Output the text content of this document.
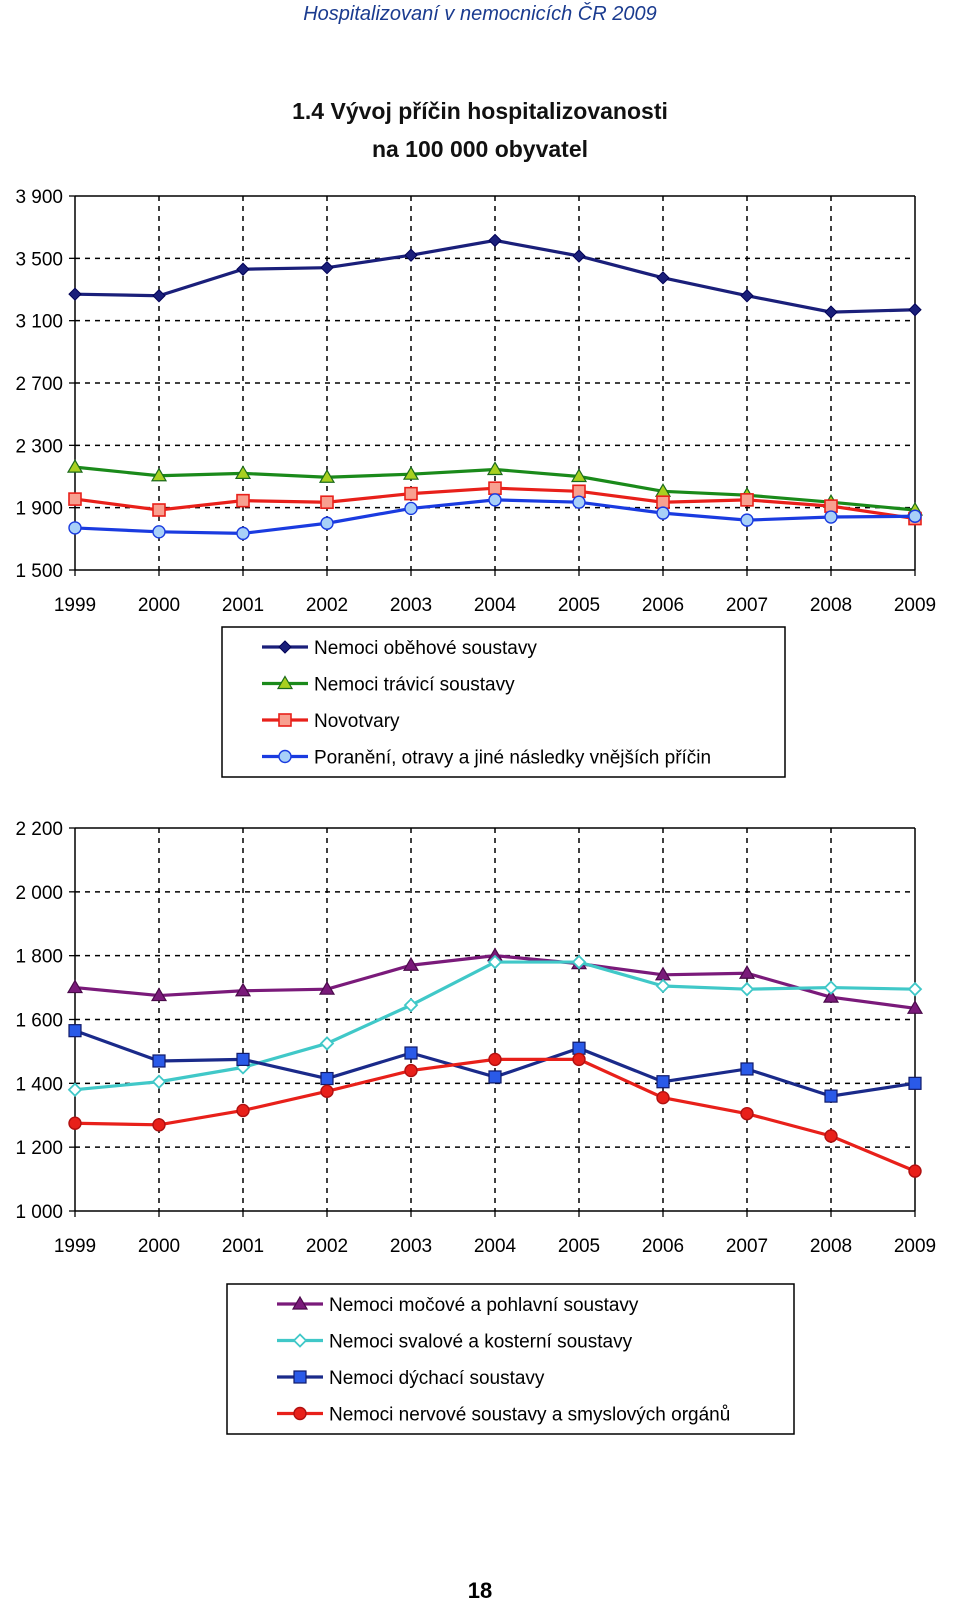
Hospitalizovaní v nemocnicích ČR 2009
1.4 Vývoj příčin hospitalizovanosti
na 100 000 obyvatel
1 500
1 900
2 300
2 700
3 100
3 500
3 900
1999 2000 2001 2002 2003 2004 2005 2006 2007 2008 2009
Nemoci oběhové soustavy
Nemoci trávicí soustavy
Novotvary
Poranění, otravy a jiné následky vnějších příčin
1 000
1 200
1 400
1 600
1 800
2 000
2 200
1999 2000 2001 2002 2003 2004 2005 2006 2007 2008 2009
Nemoci močové a pohlavní soustavy
Nemoci svalové a kosterní soustavy
Nemoci dýchací soustavy
Nemoci nervové soustavy a smyslových orgánů
18
